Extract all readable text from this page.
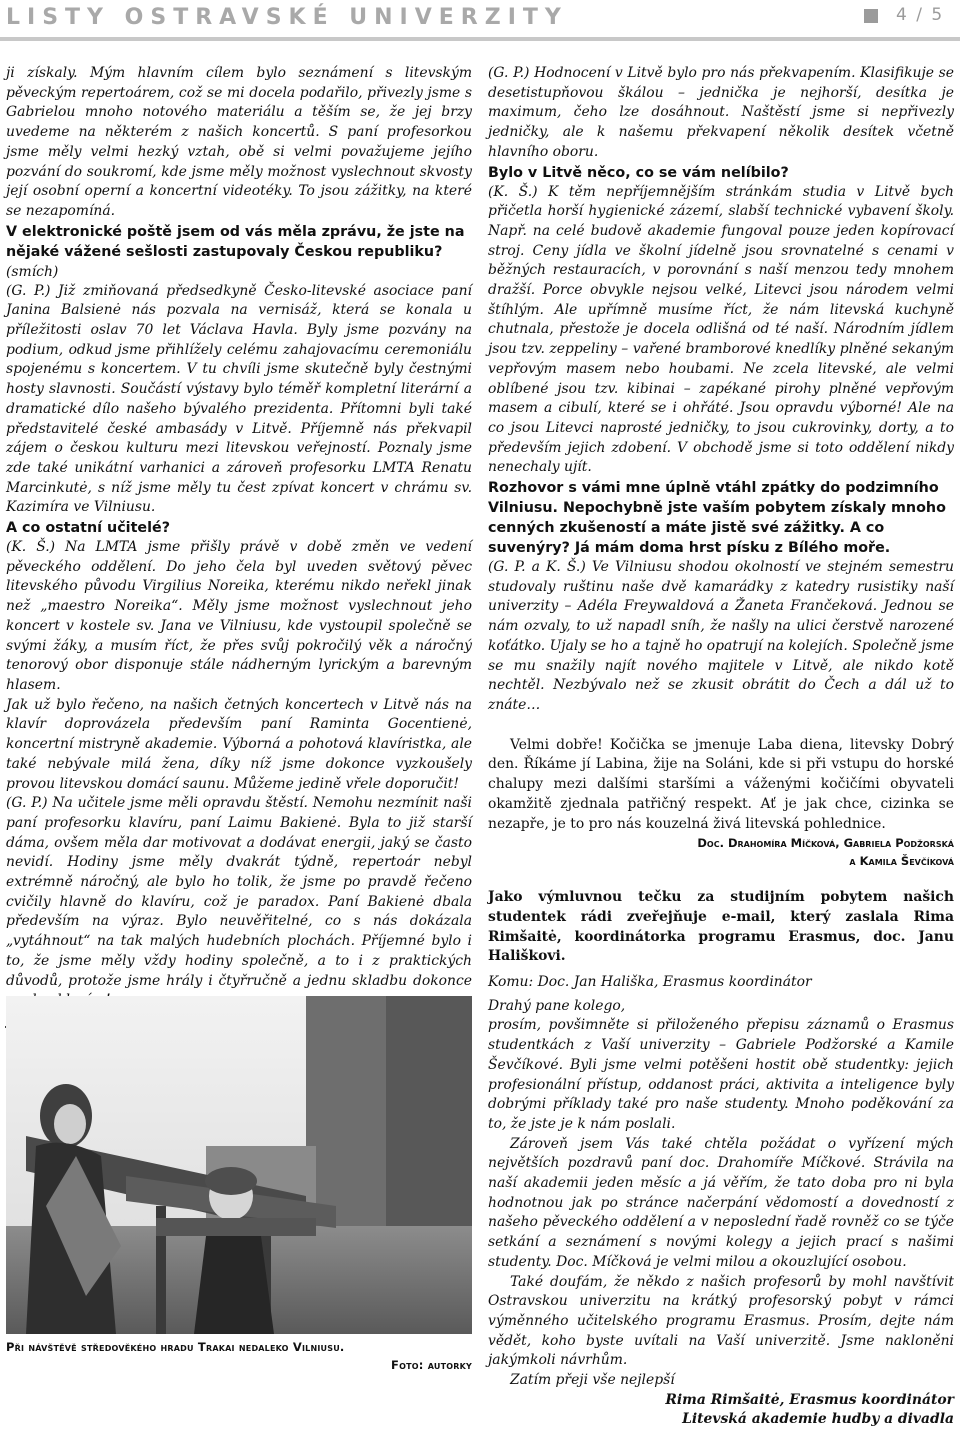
LISTY OSTRAVSKÉ UNIVERZITY	4 / 5

ji získaly. Mým hlavním cílem bylo seznámení s litevským pěveckým repertoárem, což se mi docela podařilo, přivezly jsme s Gabrielou mnoho notového materiálu a těším se, že jej brzy uvedeme na některém z našich koncertů. S paní profesorkou jsme měly velmi hezký vztah, obě si velmi považujeme jejího pozvání do soukromí, kde jsme měly možnost vyslechnout skvosty její osobní operní a koncertní videotéky. To jsou zážitky, na které se nezapomíná.

V elektronické poště jsem od vás měla zprávu, že jste na nějaké vážené sešlosti zastupovaly Českou republiku? (smích)

(G. P.) Již zmiňovaná předsedkyně Česko-litevské asociace paní Janina Balsienė nás pozvala na vernisáž, která se konala u příležitosti oslav 70 let Václava Havla. Byly jsme pozvány na podium, odkud jsme přihlížely celému zahajovacímu ceremoniálu spojenému s koncertem. V tu chvíli jsme skutečně byly čestnými hosty slavnosti. Součástí výstavy bylo téměř kompletní literární a dramatické dílo našeho bývalého prezidenta. Přítomni byli také představitelé české ambasády v Litvě. Příjemně nás překvapil zájem o českou kulturu mezi litevskou veřejností. Poznaly jsme zde také unikátní varhanici a zároveň profesorku LMTA Renatu Marcinkutė, s níž jsme měly tu čest zpívat koncert v chrámu sv. Kazimíra ve Vilniusu.

A co ostatní učitelé?

(K. Š.) Na LMTA jsme přišly právě v době změn ve vedení pěveckého oddělení. Do jeho čela byl uveden světový pěvec litevského původu Virgilius Noreika, kterému nikdo neřekl jinak než „maestro Noreika“. Měly jsme možnost vyslechnout jeho koncert v kostele sv. Jana ve Vilniusu, kde vystoupil společně se svými žáky, a musím říct, že přes svůj pokročilý věk a náročný tenorový obor disponuje stále nádherným lyrickým a barevným hlasem.

Jak už bylo řečeno, na našich četných koncertech v Litvě nás na klavír doprovázela především paní Raminta Gocentienė, koncertní mistryně akademie. Výborná a pohotová klavíristka, ale také nebývale milá žena, díky níž jsme dokonce vyzkoušely provou litevskou domácí saunu. Můžeme jedině vřele doporučit!

(G. P.) Na učitele jsme měli opravdu štěstí. Nemohu nezmínit naši paní profesorku klavíru, paní Laimu Bakienė. Byla to již starší dáma, ovšem měla dar motivovat a dodávat energii, jaký se často nevidí. Hodiny jsme měly dvakrát týdně, repertoár nebyl extrémně náročný, ale bylo ho tolik, že jsme po pravdě řečeno cvičily hlavně do klavíru, což je paradox. Paní Bakienė dbala především na výraz. Bylo neuvěřitelné, co s nás dokázala „vytáhnout“ na tak malých hudebních plochách. Příjemné bylo i to, že jsme měly vždy hodiny společně, a to i z praktických důvodů, protože jsme hrály i čtyřručně a jednu skladbu dokonce

Při návštěvě středověkého hradu Trakai nedaleko Vilniusu.
Foto: autorky

(G. P.) Hodnocení v Litvě bylo pro nás překvapením. Klasifikuje se desetistupňovou škálou – jednička je nejhorší, desítka je maximum, čeho lze dosáhnout. Naštěstí jsme si nepřivezly jedničky, ale k našemu překvapení několik desítek včetně hlavního oboru.

Bylo v Litvě něco, co se vám nelíbilo?

(K. Š.) K těm nepříjemnějším stránkám studia v Litvě bych přičetla horší hygienické zázemí, slabší technické vybavení školy. Např. na celé budově akademie fungoval pouze jeden kopírovací stroj. Ceny jídla ve školní jídelně jsou srovnatelné s cenami v běžných restauracích, v porovnání s naší menzou tedy mnohem dražší. Porce obvykle nejsou velké, Litevci jsou národem velmi štíhlým. Ale upřímně musíme říct, že nám litevská kuchyně chutnala, přestože je docela odlišná od té naší. Národním jídlem jsou tzv. zeppeliny – vařené bramborové knedlíky plněné sekaným vepřovým masem nebo houbami. Ne zcela litevské, ale velmi oblíbené jsou tzv. kibinai – zapékané pirohy plněné vepřovým masem a cibulí, které se i ohřáté. Jsou opravdu výborné! Ale na co jsou Litevci naprosté jedničky, to jsou cukrovinky, dorty, a to především jejich zdobení. V obchodě jsme si toto oddělení nikdy nenechaly ujít.

Rozhovor s vámi mne úplně vtáhl zpátky do podzimního Vilniusu. Nepochybně jste vaším pobytem získaly mnoho cenných zkušeností a máte jistě své zážitky. A co suvenýry? Já mám doma hrst písku z Bílého moře.

(G. P. a K. Š.) Ve Vilniusu shodou okolností ve stejném semestru studovaly ruštinu naše dvě kamarádky z katedry rusistiky naší univerzity – Adéla Freywaldová a Žaneta Frančeková. Jednou se nám ozvaly, to už napadl sníh, že našly na ulici čerstvě narozené koťátko. Ujaly se ho a tajně ho opatrují na kolejích. Společně jsme se mu snažily najít nového majitele v Litvě, ale nikdo kotě nechtěl. Nezbývalo než se zkusit obrátit do Čech a dál už to znáte…

Velmi dobře! Kočička se jmenuje Laba diena, litevsky Dobrý den. Říkáme jí Labina, žije na Soláni, kde si při vstupu do horské chalupy mezi dalšími staršími a váženými kočičími obyvateli okamžitě zjednala patřičný respekt. Ať je jak chce, cizinka se nezapře, je to pro nás kouzelná živá litevská pohlednice.

Doc. Drahomíra Míčková, Gabriela Podžorská
a Kamila Ševčíková

Jako výmluvnou tečku za studijním pobytem našich studentek rádi zveřejňuje e-mail, který zaslala Rima Rimšaitė, koordinátorka programu Erasmus, doc. Janu Hališkovi.

Komu: Doc. Jan Hališka, Erasmus koordinátor

Drahý pane kolego,

prosím, povšimněte si přiloženého přepisu záznamů o Erasmus studentkách z Vaší univerzity – Gabriele Podžorské a Kamile Ševčíkové. Byli jsme velmi potěšeni hostit obě studentky: jejich profesionální přístup, oddanost práci, aktivita a inteligence byly dobrými příklady také pro naše studenty. Mnoho poděkování za to, že jste je k nám poslali.

Zároveň jsem Vás také chtěla požádat o vyřízení mých největších pozdravů paní doc. Drahomíře Míčkové. Strávila na naší akademii jeden měsíc a já věřím, že tato doba pro ni byla hodnotnou jak po stránce načerpání vědomostí a dovedností z našeho pěveckého oddělení a v neposlední řadě rovněž co se týče setkání a seznámení s novými kolegy a jejich prací s našimi studenty. Doc. Míčková je velmi milou a okouzlující osobou.

Také doufám, že někdo z našich profesorů by mohl navštívit Ostravskou univerzitu na krátký profesorský pobyt v rámci výměnného učitelského programu Erasmus. Prosím, dejte nám vědět, koho byste uvítali na Vaší univerzitě. Jsme nakloněni jakýmkoli návrhům.

Zatím přeji vše nejlepší

Rima Rimšaitė, Erasmus koordinátor

Litevská akademie hudby a divadla
